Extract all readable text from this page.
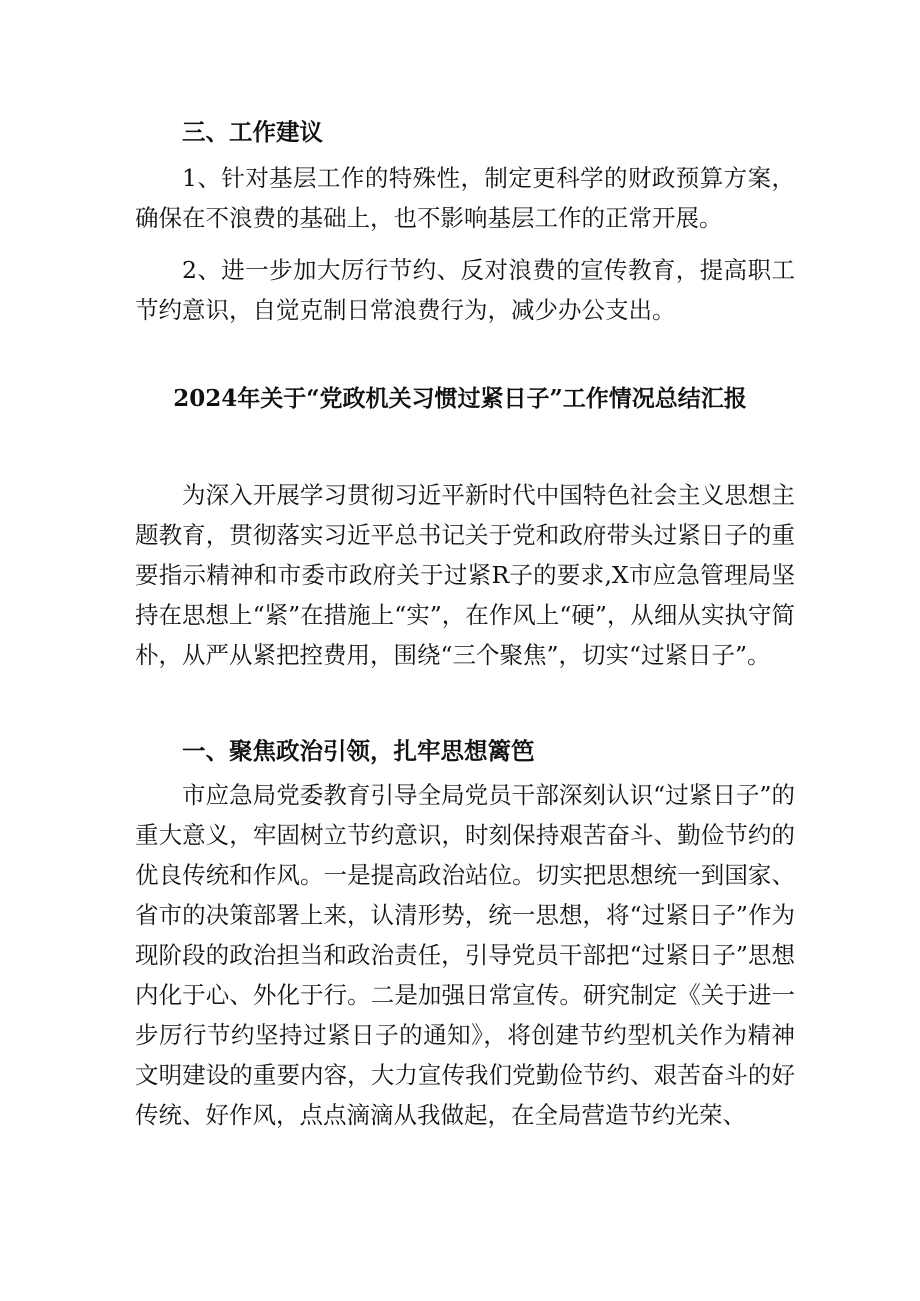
三、工作建议

1、针对基层工作的特殊性，制定更科学的财政预算方案，确保在不浪费的基础上，也不影响基层工作的正常开展。

2、进一步加大厉行节约、反对浪费的宣传教育，提高职工节约意识，自觉克制日常浪费行为，减少办公支出。

2024年关于“党政机关习惯过紧日子”工作情况总结汇报

为深入开展学习贯彻习近平新时代中国特色社会主义思想主题教育，贯彻落实习近平总书记关于党和政府带头过紧日子的重要指示精神和市委市政府关于过紧R子的要求,X市应急管理局坚持在思想上“紧”在措施上“实”，在作风上“硬”，从细从实执守简朴，从严从紧把控费用，围绕“三个聚焦”，切实“过紧日子”。

一、聚焦政治引领，扎牢思想篱笆

市应急局党委教育引导全局党员干部深刻认识“过紧日子”的重大意义，牢固树立节约意识，时刻保持艰苦奋斗、勤俭节约的优良传统和作风。一是提高政治站位。切实把思想统一到国家、省市的决策部署上来，认清形势，统一思想，将“过紧日子”作为现阶段的政治担当和政治责任，引导党员干部把“过紧日子”思想内化于心、外化于行。二是加强日常宣传。研究制定《关于进一步厉行节约坚持过紧日子的通知》，将创建节约型机关作为精神文明建设的重要内容，大力宣传我们党勤俭节约、艰苦奋斗的好传统、好作风，点点滴滴从我做起，在全局营造节约光荣、
